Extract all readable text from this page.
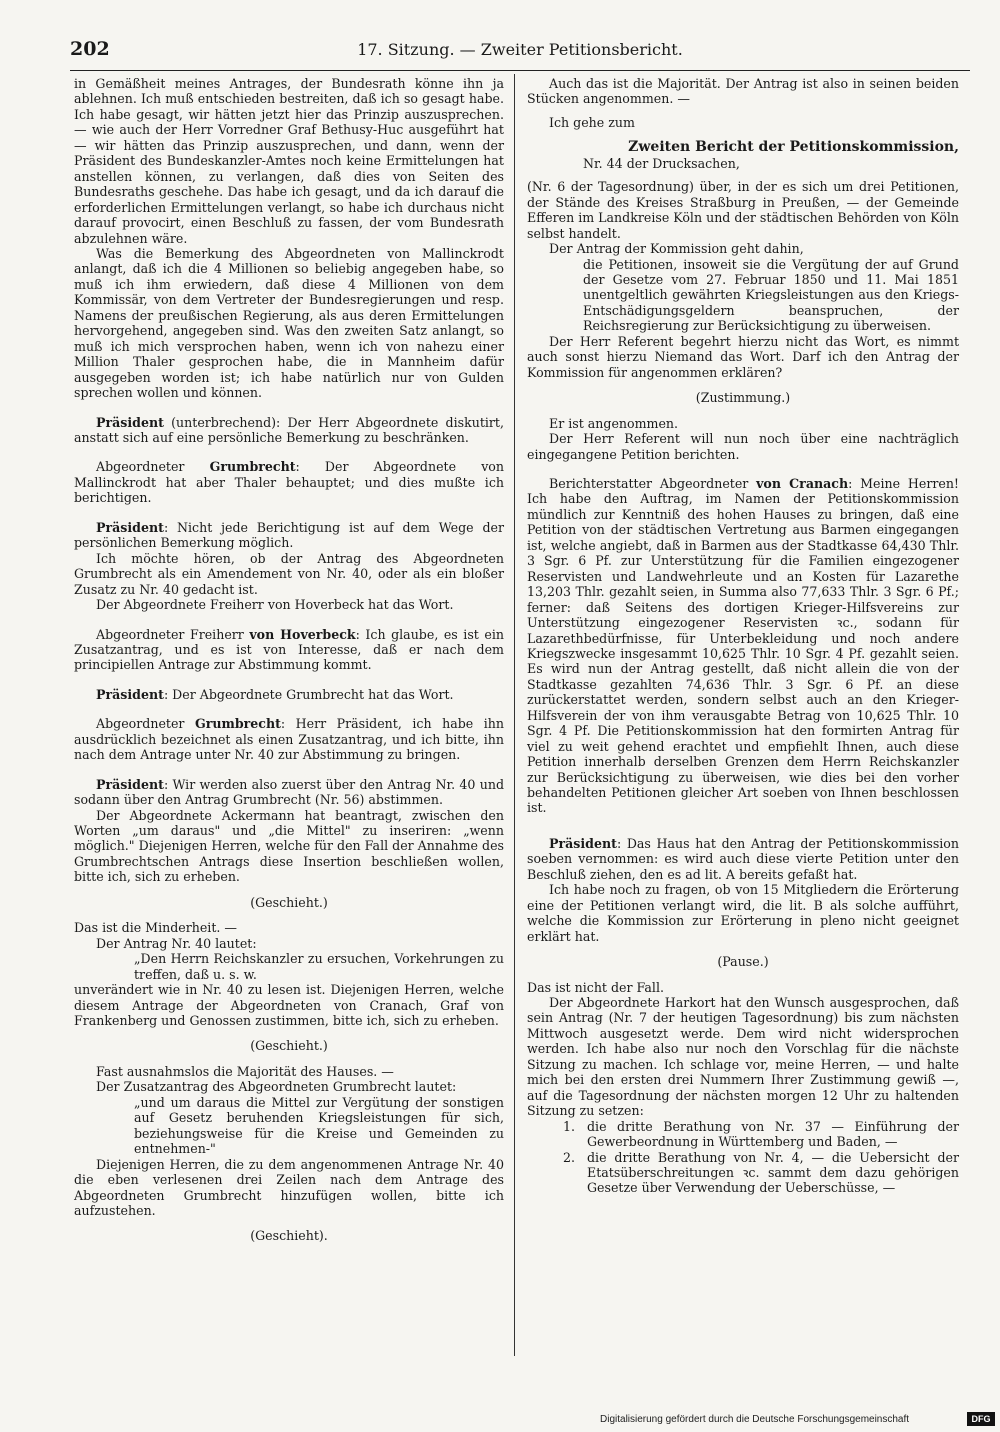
202	17. Sitzung. — Zweiter Petitionsbericht.

in Gemäßheit meines Antrages, der Bundesrath könne ihn ja ablehnen. Ich muß entschieden bestreiten, daß ich so gesagt habe. Ich habe gesagt, wir hätten jetzt hier das Prinzip auszusprechen. — wie auch der Herr Vorredner Graf Bethusy-Huc ausgeführt hat — wir hätten das Prinzip auszusprechen, und dann, wenn der Präsident des Bundeskanzler-Amtes noch keine Ermittelungen hat anstellen können, zu verlangen, daß dies von Seiten des Bundesraths geschehe. Das habe ich gesagt, und da ich darauf die erforderlichen Ermittelungen verlangt, so habe ich durchaus nicht darauf provocirt, einen Beschluß zu fassen, der vom Bundesrath abzulehnen wäre.

Was die Bemerkung des Abgeordneten von Mallinckrodt anlangt, daß ich die 4 Millionen so beliebig angegeben habe, so muß ich ihm erwiedern, daß diese 4 Millionen von dem Kommissär, von dem Vertreter der Bundesregierungen und resp. Namens der preußischen Regierung, als aus deren Ermittelungen hervorgehend, angegeben sind. Was den zweiten Satz anlangt, so muß ich mich versprochen haben, wenn ich von nahezu einer Million Thaler gesprochen habe, die in Mannheim dafür ausgegeben worden ist; ich habe natürlich nur von Gulden sprechen wollen und können.

Präsident (unterbrechend): Der Herr Abgeordnete diskutirt, anstatt sich auf eine persönliche Bemerkung zu beschränken.

Abgeordneter Grumbrecht: Der Abgeordnete von Mallinckrodt hat aber Thaler behauptet; und dies mußte ich berichtigen.

Präsident: Nicht jede Berichtigung ist auf dem Wege der persönlichen Bemerkung möglich.

Ich möchte hören, ob der Antrag des Abgeordneten Grumbrecht als ein Amendement von Nr. 40, oder als ein bloßer Zusatz zu Nr. 40 gedacht ist.

Der Abgeordnete Freiherr von Hoverbeck hat das Wort.

Abgeordneter Freiherr von Hoverbeck: Ich glaube, es ist ein Zusatzantrag, und es ist von Interesse, daß er nach dem principiellen Antrage zur Abstimmung kommt.

Präsident: Der Abgeordnete Grumbrecht hat das Wort.

Abgeordneter Grumbrecht: Herr Präsident, ich habe ihn ausdrücklich bezeichnet als einen Zusatzantrag, und ich bitte, ihn nach dem Antrage unter Nr. 40 zur Abstimmung zu bringen.

Präsident: Wir werden also zuerst über den Antrag Nr. 40 und sodann über den Antrag Grumbrecht (Nr. 56) abstimmen.

Der Abgeordnete Ackermann hat beantragt, zwischen den Worten „um daraus" und „die Mittel" zu inseriren: „wenn möglich." Diejenigen Herren, welche für den Fall der Annahme des Grumbrechtschen Antrags diese Insertion beschließen wollen, bitte ich, sich zu erheben.

(Geschieht.)

Das ist die Minderheit. —

Der Antrag Nr. 40 lautet:

„Den Herrn Reichskanzler zu ersuchen, Vorkehrungen zu treffen, daß u. s. w.

unverändert wie in Nr. 40 zu lesen ist. Diejenigen Herren, welche diesem Antrage der Abgeordneten von Cranach, Graf von Frankenberg und Genossen zustimmen, bitte ich, sich zu erheben.

(Geschieht.)

Fast ausnahmslos die Majorität des Hauses. —

Der Zusatzantrag des Abgeordneten Grumbrecht lautet:

„und um daraus die Mittel zur Vergütung der sonstigen auf Gesetz beruhenden Kriegsleistungen für sich, beziehungsweise für die Kreise und Gemeinden zu entnehmen-"

Diejenigen Herren, die zu dem angenommenen Antrage Nr. 40 die eben verlesenen drei Zeilen nach dem Antrage des Abgeordneten Grumbrecht hinzufügen wollen, bitte ich aufzustehen.

(Geschieht).

Auch das ist die Majorität. Der Antrag ist also in seinen beiden Stücken angenommen. —

Ich gehe zum

Zweiten Bericht der Petitionskommission,

Nr. 44 der Drucksachen,

(Nr. 6 der Tagesordnung) über, in der es sich um drei Petitionen, der Stände des Kreises Straßburg in Preußen, — der Gemeinde Efferen im Landkreise Köln und der städtischen Behörden von Köln selbst handelt.

Der Antrag der Kommission geht dahin,

die Petitionen, insoweit sie die Vergütung der auf Grund der Gesetze vom 27. Februar 1850 und 11. Mai 1851 unentgeltlich gewährten Kriegsleistungen aus den Kriegs-Entschädigungsgeldern beanspruchen, der Reichsregierung zur Berücksichtigung zu überweisen.

Der Herr Referent begehrt hierzu nicht das Wort, es nimmt auch sonst hierzu Niemand das Wort. Darf ich den Antrag der Kommission für angenommen erklären?

(Zustimmung.)

Er ist angenommen.

Der Herr Referent will nun noch über eine nachträglich eingegangene Petition berichten.

Berichterstatter Abgeordneter von Cranach: Meine Herren! Ich habe den Auftrag, im Namen der Petitionskommission mündlich zur Kenntniß des hohen Hauses zu bringen, daß eine Petition von der städtischen Vertretung aus Barmen eingegangen ist, welche angiebt, daß in Barmen aus der Stadtkasse 64,430 Thlr. 3 Sgr. 6 Pf. zur Unterstützung für die Familien eingezogener Reservisten und Landwehrleute und an Kosten für Lazarethe 13,203 Thlr. gezahlt seien, in Summa also 77,633 Thlr. 3 Sgr. 6 Pf.; ferner: daß Seitens des dortigen Krieger-Hilfsvereins zur Unterstützung eingezogener Reservisten ꝛc., sodann für Lazarethbedürfnisse, für Unterbekleidung und noch andere Kriegszwecke insgesammt 10,625 Thlr. 10 Sgr. 4 Pf. gezahlt seien. Es wird nun der Antrag gestellt, daß nicht allein die von der Stadtkasse gezahlten 74,636 Thlr. 3 Sgr. 6 Pf. an diese zurückerstattet werden, sondern selbst auch an den Krieger-Hilfsverein der von ihm verausgabte Betrag von 10,625 Thlr. 10 Sgr. 4 Pf. Die Petitionskommission hat den formirten Antrag für viel zu weit gehend erachtet und empfiehlt Ihnen, auch diese Petition innerhalb derselben Grenzen dem Herrn Reichskanzler zur Berücksichtigung zu überweisen, wie dies bei den vorher behandelten Petitionen gleicher Art soeben von Ihnen beschlossen ist.

Präsident: Das Haus hat den Antrag der Petitionskommission soeben vernommen: es wird auch diese vierte Petition unter den Beschluß ziehen, den es ad lit. A bereits gefaßt hat.

Ich habe noch zu fragen, ob von 15 Mitgliedern die Erörterung eine der Petitionen verlangt wird, die lit. B als solche aufführt, welche die Kommission zur Erörterung in pleno nicht geeignet erklärt hat.

(Pause.)

Das ist nicht der Fall.

Der Abgeordnete Harkort hat den Wunsch ausgesprochen, daß sein Antrag (Nr. 7 der heutigen Tagesordnung) bis zum nächsten Mittwoch ausgesetzt werde. Dem wird nicht widersprochen werden. Ich habe also nur noch den Vorschlag für die nächste Sitzung zu machen. Ich schlage vor, meine Herren, — und halte mich bei den ersten drei Nummern Ihrer Zustimmung gewiß —, auf die Tagesordnung der nächsten morgen 12 Uhr zu haltenden Sitzung zu setzen:

1. die dritte Berathung von Nr. 37 — Einführung der Gewerbeordnung in Württemberg und Baden, —
2. die dritte Berathung von Nr. 4, — die Uebersicht der Etatsüberschreitungen ꝛc. sammt dem dazu gehörigen Gesetze über Verwendung der Ueberschüsse, —
Digitalisierung gefördert durch die Deutsche Forschungsgemeinschaft	DFG
